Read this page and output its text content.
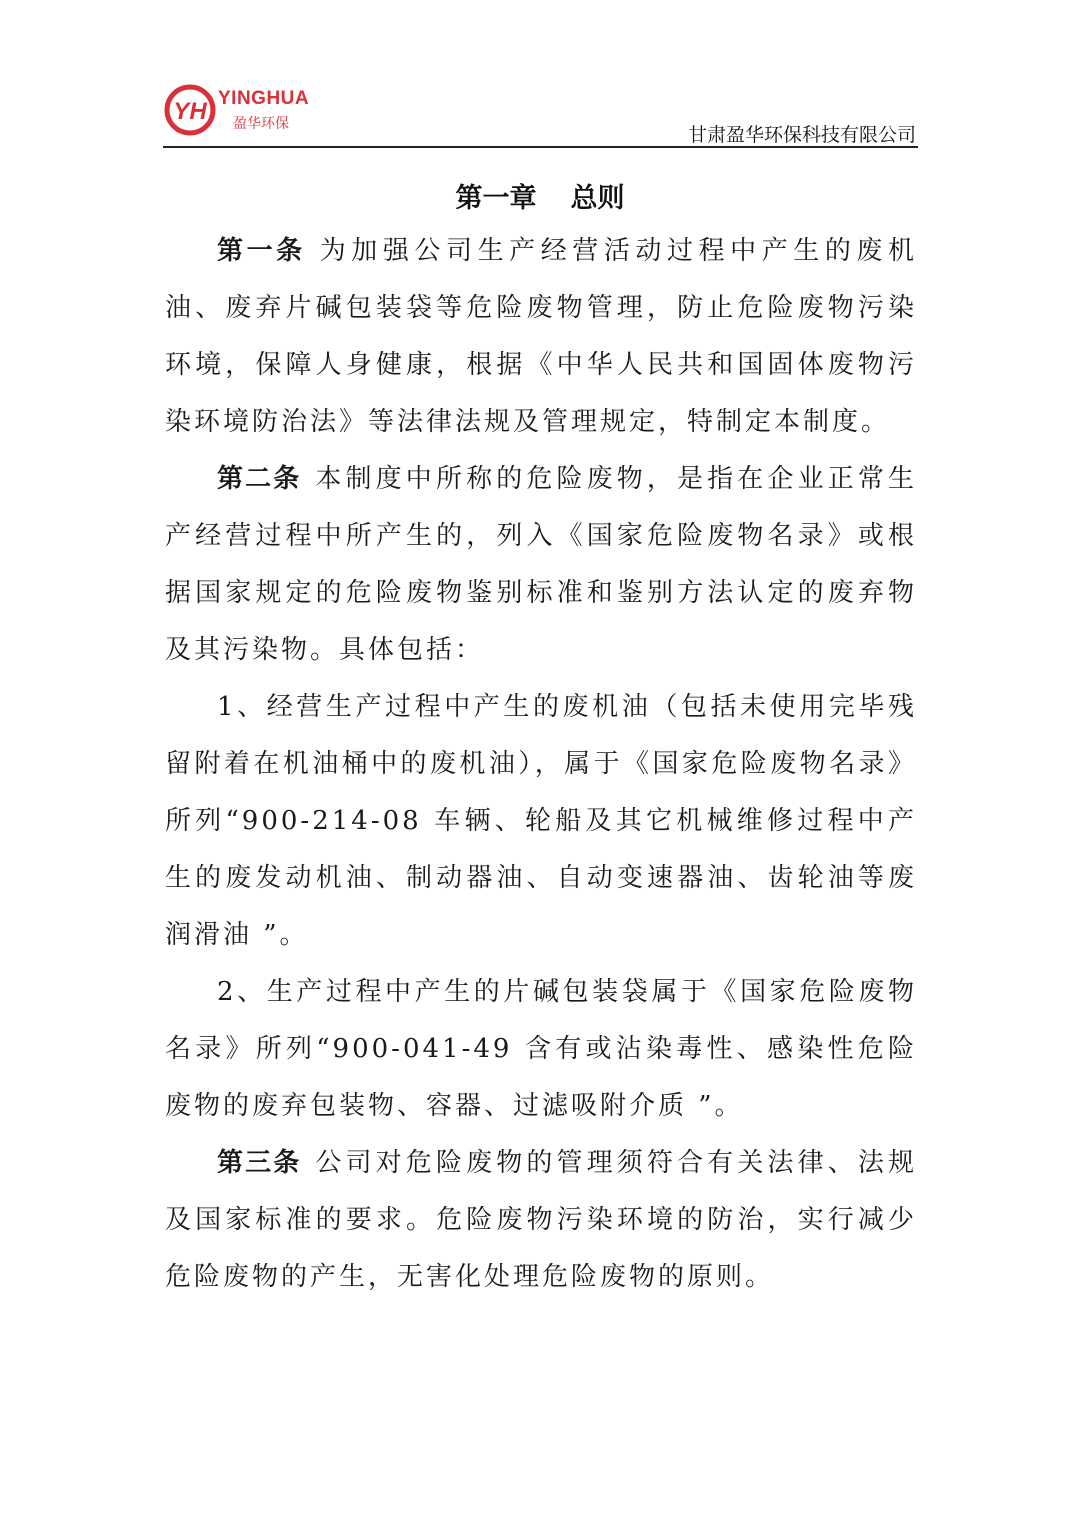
YH YINGHUA
盈华环保	甘肃盈华环保科技有限公司
第一章 总则

第一条 为加强公司生产经营活动过程中产生的废机油、废弃片碱包装袋等危险废物管理，防止危险废物污染环境，保障人身健康，根据《中华人民共和国固体废物污染环境防治法》等法律法规及管理规定，特制定本制度。

第二条 本制度中所称的危险废物，是指在企业正常生产经营过程中所产生的，列入《国家危险废物名录》或根据国家规定的危险废物鉴别标准和鉴别方法认定的废弃物及其污染物。具体包括：

1、经营生产过程中产生的废机油（包括未使用完毕残留附着在机油桶中的废机油），属于《国家危险废物名录》所列“900-214-08 车辆、轮船及其它机械维修过程中产生的废发动机油、制动器油、自动变速器油、齿轮油等废润滑油 ”。

2、生产过程中产生的片碱包装袋属于《国家危险废物名录》所列“900-041-49 含有或沾染毒性、感染性危险废物的废弃包装物、容器、过滤吸附介质 ”。

第三条 公司对危险废物的管理须符合有关法律、法规及国家标准的要求。危险废物污染环境的防治，实行减少危险废物的产生，无害化处理危险废物的原则。
